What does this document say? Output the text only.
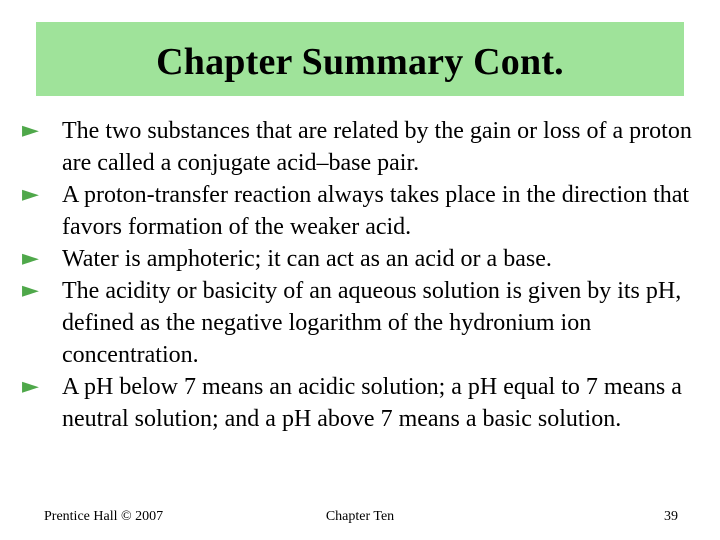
Chapter Summary Cont.
► The two substances that are related by the gain or loss of a proton are called a conjugate acid–base pair.
► A proton-transfer reaction always takes place in the direction that favors formation of the weaker acid.
► Water is amphoteric; it can act as an acid or a base.
► The acidity or basicity of an aqueous solution is given by its pH, defined as the negative logarithm of the hydronium ion concentration.
► A pH below 7 means an acidic solution; a pH equal to 7 means a neutral solution; and a pH above 7 means a basic solution.
Prentice Hall © 2007	Chapter Ten	39
